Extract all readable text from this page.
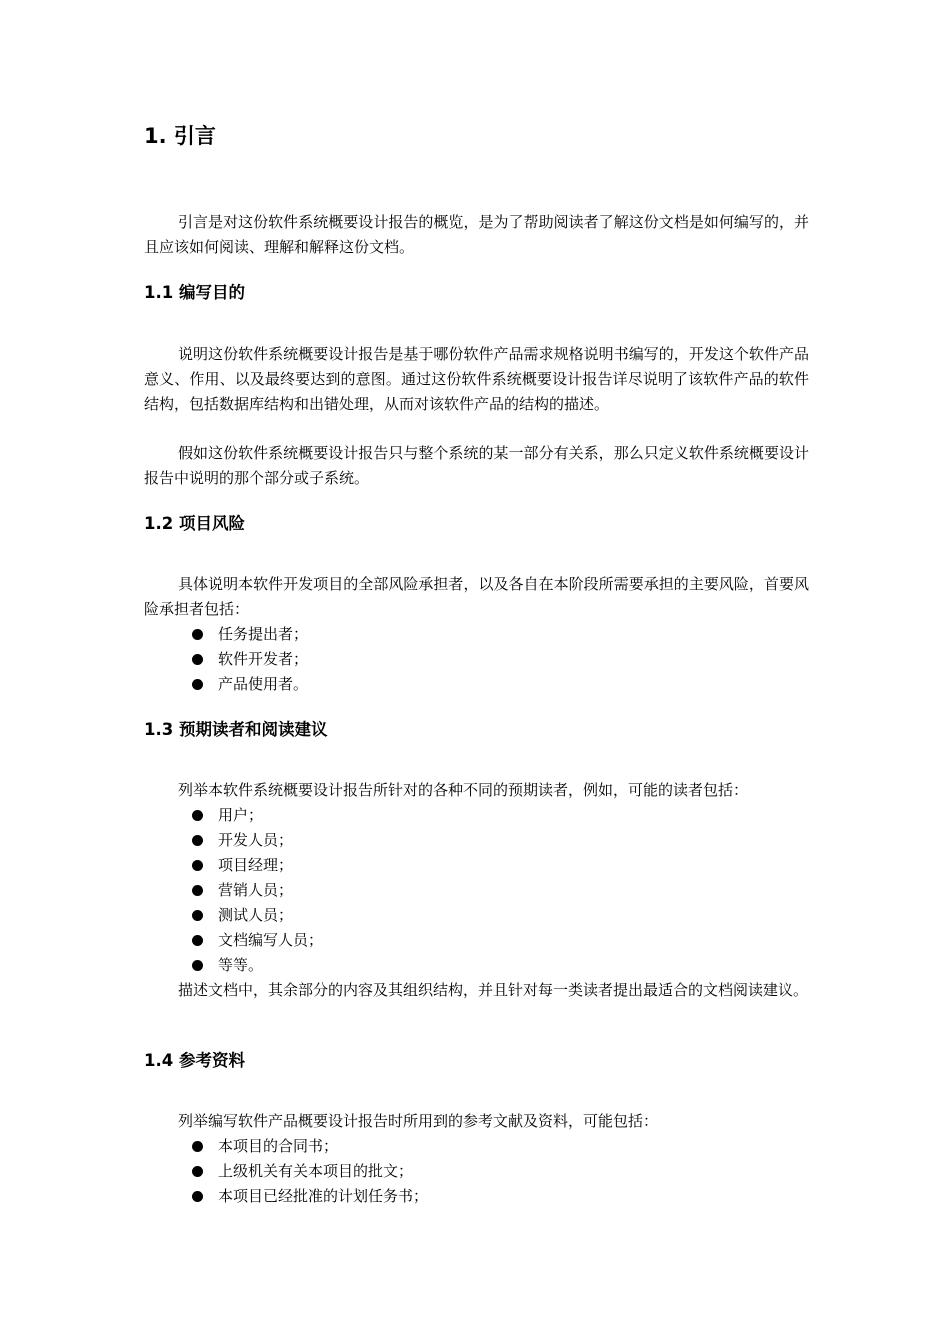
1. 引言

引言是对这份软件系统概要设计报告的概览，是为了帮助阅读者了解这份文档是如何编写的，并且应该如何阅读、理解和解释这份文档。

1.1 编写目的

说明这份软件系统概要设计报告是基于哪份软件产品需求规格说明书编写的，开发这个软件产品意义、作用、以及最终要达到的意图。通过这份软件系统概要设计报告详尽说明了该软件产品的软件结构，包括数据库结构和出错处理，从而对该软件产品的结构的描述。

假如这份软件系统概要设计报告只与整个系统的某一部分有关系，那么只定义软件系统概要设计报告中说明的那个部分或子系统。

1.2 项目风险

具体说明本软件开发项目的全部风险承担者，以及各自在本阶段所需要承担的主要风险，首要风险承担者包括：

任务提出者；
软件开发者；
产品使用者。
1.3 预期读者和阅读建议

列举本软件系统概要设计报告所针对的各种不同的预期读者，例如，可能的读者包括：

用户；
开发人员；
项目经理；
营销人员；
测试人员；
文档编写人员；
等等。

描述文档中，其余部分的内容及其组织结构，并且针对每一类读者提出最适合的文档阅读建议。

1.4 参考资料

列举编写软件产品概要设计报告时所用到的参考文献及资料，可能包括：

本项目的合同书；
上级机关有关本项目的批文；
本项目已经批准的计划任务书；
